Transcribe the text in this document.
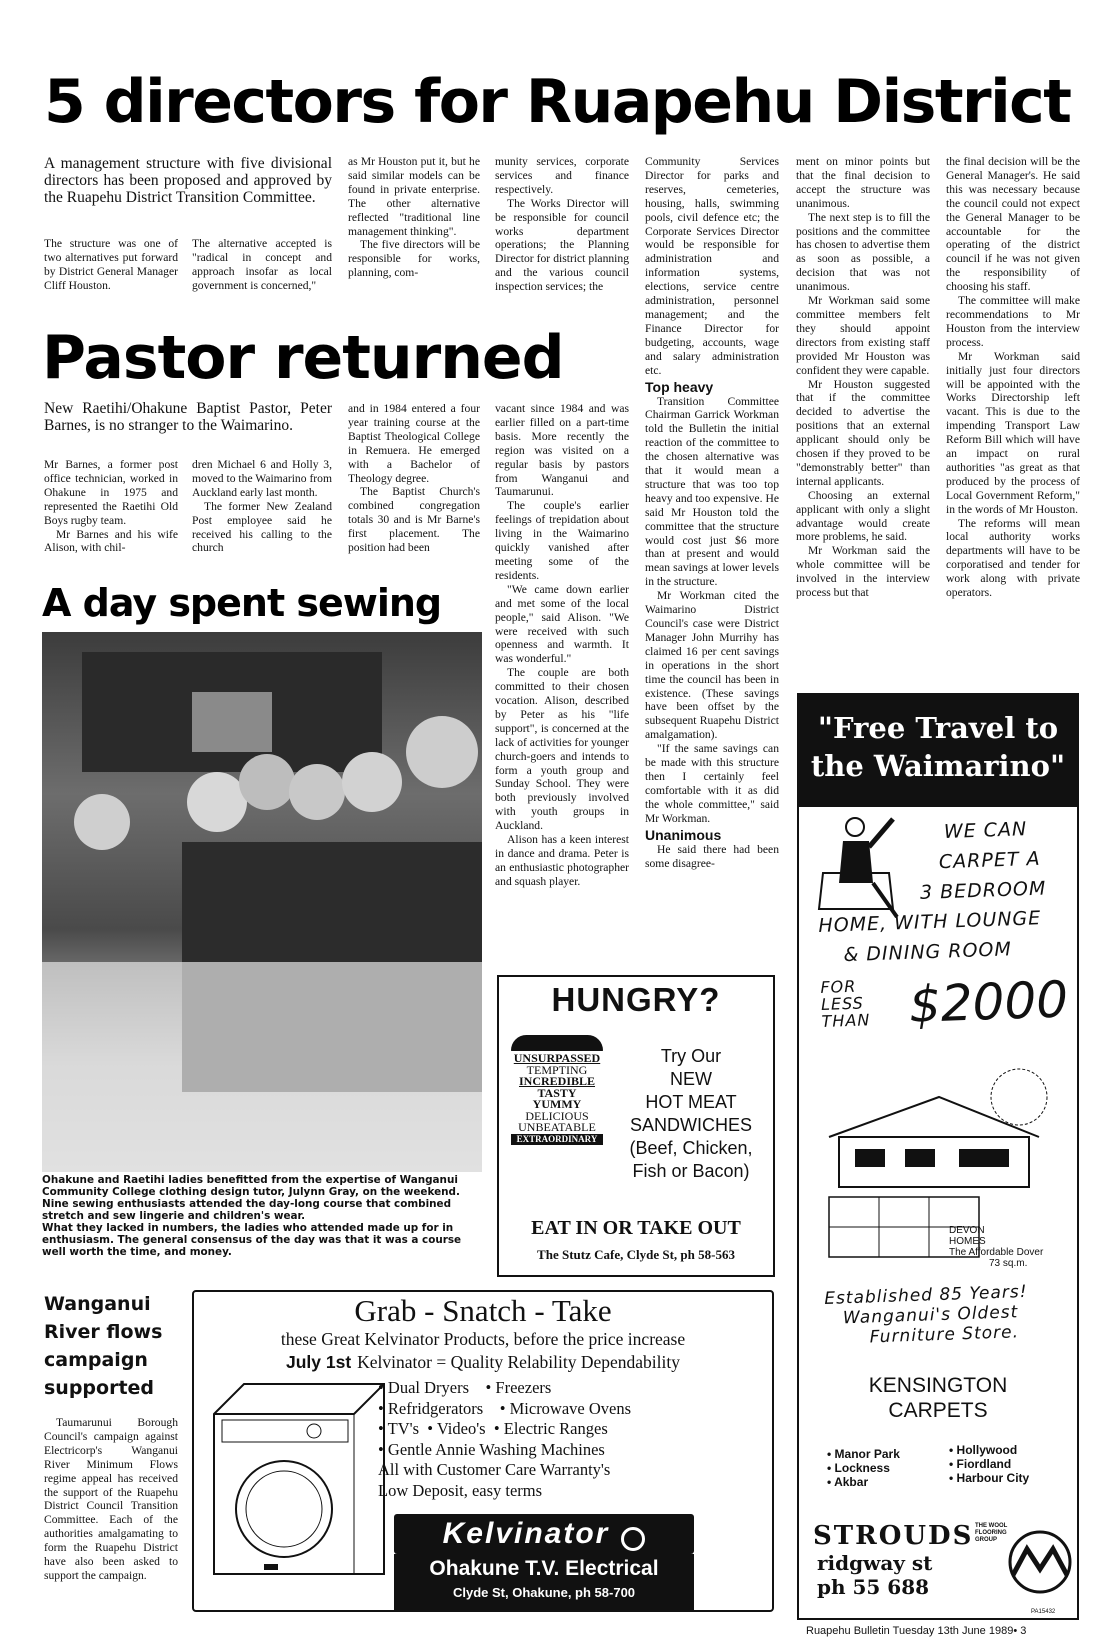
5 directors for Ruapehu District
A management structure with five divisional directors has been proposed and approved by the Ruapehu District Transition Committee.

The structure was one of two alternatives put forward by District General Manager Cliff Houston.

The alternative accepted is "radical in concept and approach insofar as local government is concerned,"

as Mr Houston put it, but he said similar models can be found in private enterprise. The other alternative reflected "traditional line management thinking".

The five directors will be responsible for works, planning, com-

munity services, corporate services and finance respectively.

The Works Director will be responsible for council works department operations; the Planning Director for district planning and the various council inspection services; the

Community Services Director for parks and reserves, cemeteries, housing, halls, swimming pools, civil defence etc; the Corporate Services Director would be responsible for administration and information systems, elections, service centre administration, personnel management; and the Finance Director for budgeting, accounts, wage and salary administration etc.

Top heavy

Transition Committee Chairman Garrick Workman told the Bulletin the initial reaction of the committee to the chosen alternative was that it would mean a structure that was too top heavy and too expensive. He said Mr Houston told the committee that the structure would cost just $6 more than at present and would mean savings at lower levels in the structure.

Mr Workman cited the Waimarino District Council's case were District Manager John Murrihy has claimed 16 per cent savings in operations in the short time the council has been in existence. (These savings have been offset by the subsequent Ruapehu District amalgamation).

"If the same savings can be made with this structure then I certainly feel comfortable with it as did the whole committee," said Mr Workman.

Unanimous

He said there had been some disagree-

ment on minor points but that the final decision to accept the structure was unanimous.

The next step is to fill the positions and the committee has chosen to advertise them as soon as possible, a decision that was not unanimous.

Mr Workman said some committee members felt they should appoint directors from existing staff provided Mr Houston was confident they were capable.

Mr Houston suggested that if the committee decided to advertise the positions that an external applicant should only be chosen if they proved to be "demonstrably better" than internal applicants.

Choosing an external applicant with only a slight advantage would create more problems, he said.

Mr Workman said the whole committee will be involved in the interview process but that

the final decision will be the General Manager's. He said this was necessary because the council could not expect the General Manager to be accountable for the operating of the district council if he was not given the responsibility of choosing his staff.

The committee will make recommendations to Mr Houston from the interview process.

Mr Workman said initially just four directors will be appointed with the Works Directorship left vacant. This is due to the impending Transport Law Reform Bill which will have an impact on rural authorities "as great as that produced by the process of Local Government Reform," in the words of Mr Houston.

The reforms will mean local authority works departments will have to be corporatised and tender for work along with private operators.

Pastor returned
New Raetihi/Ohakune Baptist Pastor, Peter Barnes, is no stranger to the Waimarino.

Mr Barnes, a former post office technician, worked in Ohakune in 1975 and represented the Raetihi Old Boys rugby team.

Mr Barnes and his wife Alison, with chil-

dren Michael 6 and Holly 3, moved to the Waimarino from Auckland early last month.

The former New Zealand Post employee said he received his calling to the church

and in 1984 entered a four year training course at the Baptist Theological College in Remuera. He emerged with a Bachelor of Theology degree.

The Baptist Church's combined congregation totals 30 and is Mr Barne's first placement. The position had been

vacant since 1984 and was earlier filled on a part-time basis. More recently the region was visited on a regular basis by pastors from Wanganui and Taumarunui.

The couple's earlier feelings of trepidation about living in the Waimarino quickly vanished after meeting some of the residents.

"We came down earlier and met some of the local people," said Alison. "We were received with such openness and warmth. It was wonderful."

The couple are both committed to their chosen vocation. Alison, described by Peter as his "life support", is concerned at the lack of activities for younger church-goers and intends to form a youth group and Sunday School. They were both previously involved with youth groups in Auckland.

Alison has a keen interest in dance and drama. Peter is an enthusiastic photographer and squash player.

A day spent sewing
Ohakune and Raetihi ladies benefitted from the expertise of Wanganui Community College clothing design tutor, Julynn Gray, on the weekend.
Nine sewing enthusiasts attended the day-long course that combined stretch and sew lingerie and children's wear.
What they lacked in numbers, the ladies who attended made up for in enthusiasm. The general consensus of the day was that it was a course well worth the time, and money.
Wanganui River flows campaign supported
Taumarunui Borough Council's campaign against Electricorp's Wanganui River Minimum Flows regime appeal has received the support of the Ruapehu District Council Transition Committee. Each of the authorities amalgamating to form the Ruapehu District have also been asked to support the campaign.
HUNGRY?
UNSURPASSED
TEMPTING
INCREDIBLE
TASTY
YUMMY
DELICIOUS
UNBEATABLE
EXTRAORDINARY
Try Our
NEW
HOT MEAT
SANDWICHES
(Beef, Chicken,
Fish or Bacon)
EAT IN OR TAKE OUT
The Stutz Cafe, Clyde St, ph 58-563
Grab - Snatch - Take
these Great Kelvinator Products, before the price increase
July 1st Kelvinator = Quality Relability Dependability
• Dual Dryers    • Freezers
• Refridgerators    • Microwave Ovens
• TV's  • Video's  • Electric Ranges
• Gentle Annie Washing Machines
All with Customer Care Warranty's
Low Deposit, easy terms
Kelvinator
Ohakune T.V. Electrical
Clyde St, Ohakune, ph 58-700
"Free Travel to
the Waimarino"
WE CAN
CARPET A
3 BEDROOM
HOME, WITH LOUNGE
& DINING ROOM
FOR
LESS
THAN $2000
DEVON
HOMES
The Affordable Dover
73 sq.m.
Established 85 Years!
Wanganui's Oldest
Furniture Store.
KENSINGTON
CARPETS
• Manor Park
• Lockness
• Akbar
• Hollywood
• Fiordland
• Harbour City
STROUDS THE WOOL
FLOORING
GROUP
ridgway st
ph 55 688
PA15432
Ruapehu Bulletin Tuesday 13th June 1989• 3
